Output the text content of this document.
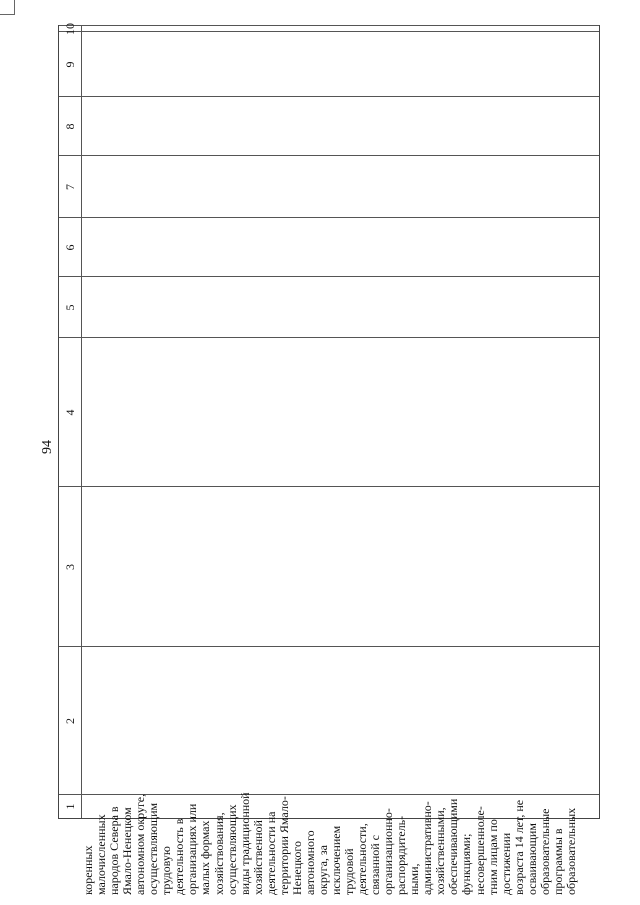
94
1
2
3
4
5
6
7
8
9
10
коренных малочисленных народов Севера в Ямало-Ненецком автономном округе, осуществляющим трудовую деятельность в организациях или малых формах хозяйствования, осуществляющих виды традиционной хозяйственной деятельности на территории Ямало- Ненецкого автономного округа, за исключением трудовой деятельности, связанной с организационно- распорядитель- ными, административно- хозяйственными, обеспечивающими функциями; несовершенноле- тним лицам по достижении возраста 14 лет, не осваивающим образовательные программы в образовательных
